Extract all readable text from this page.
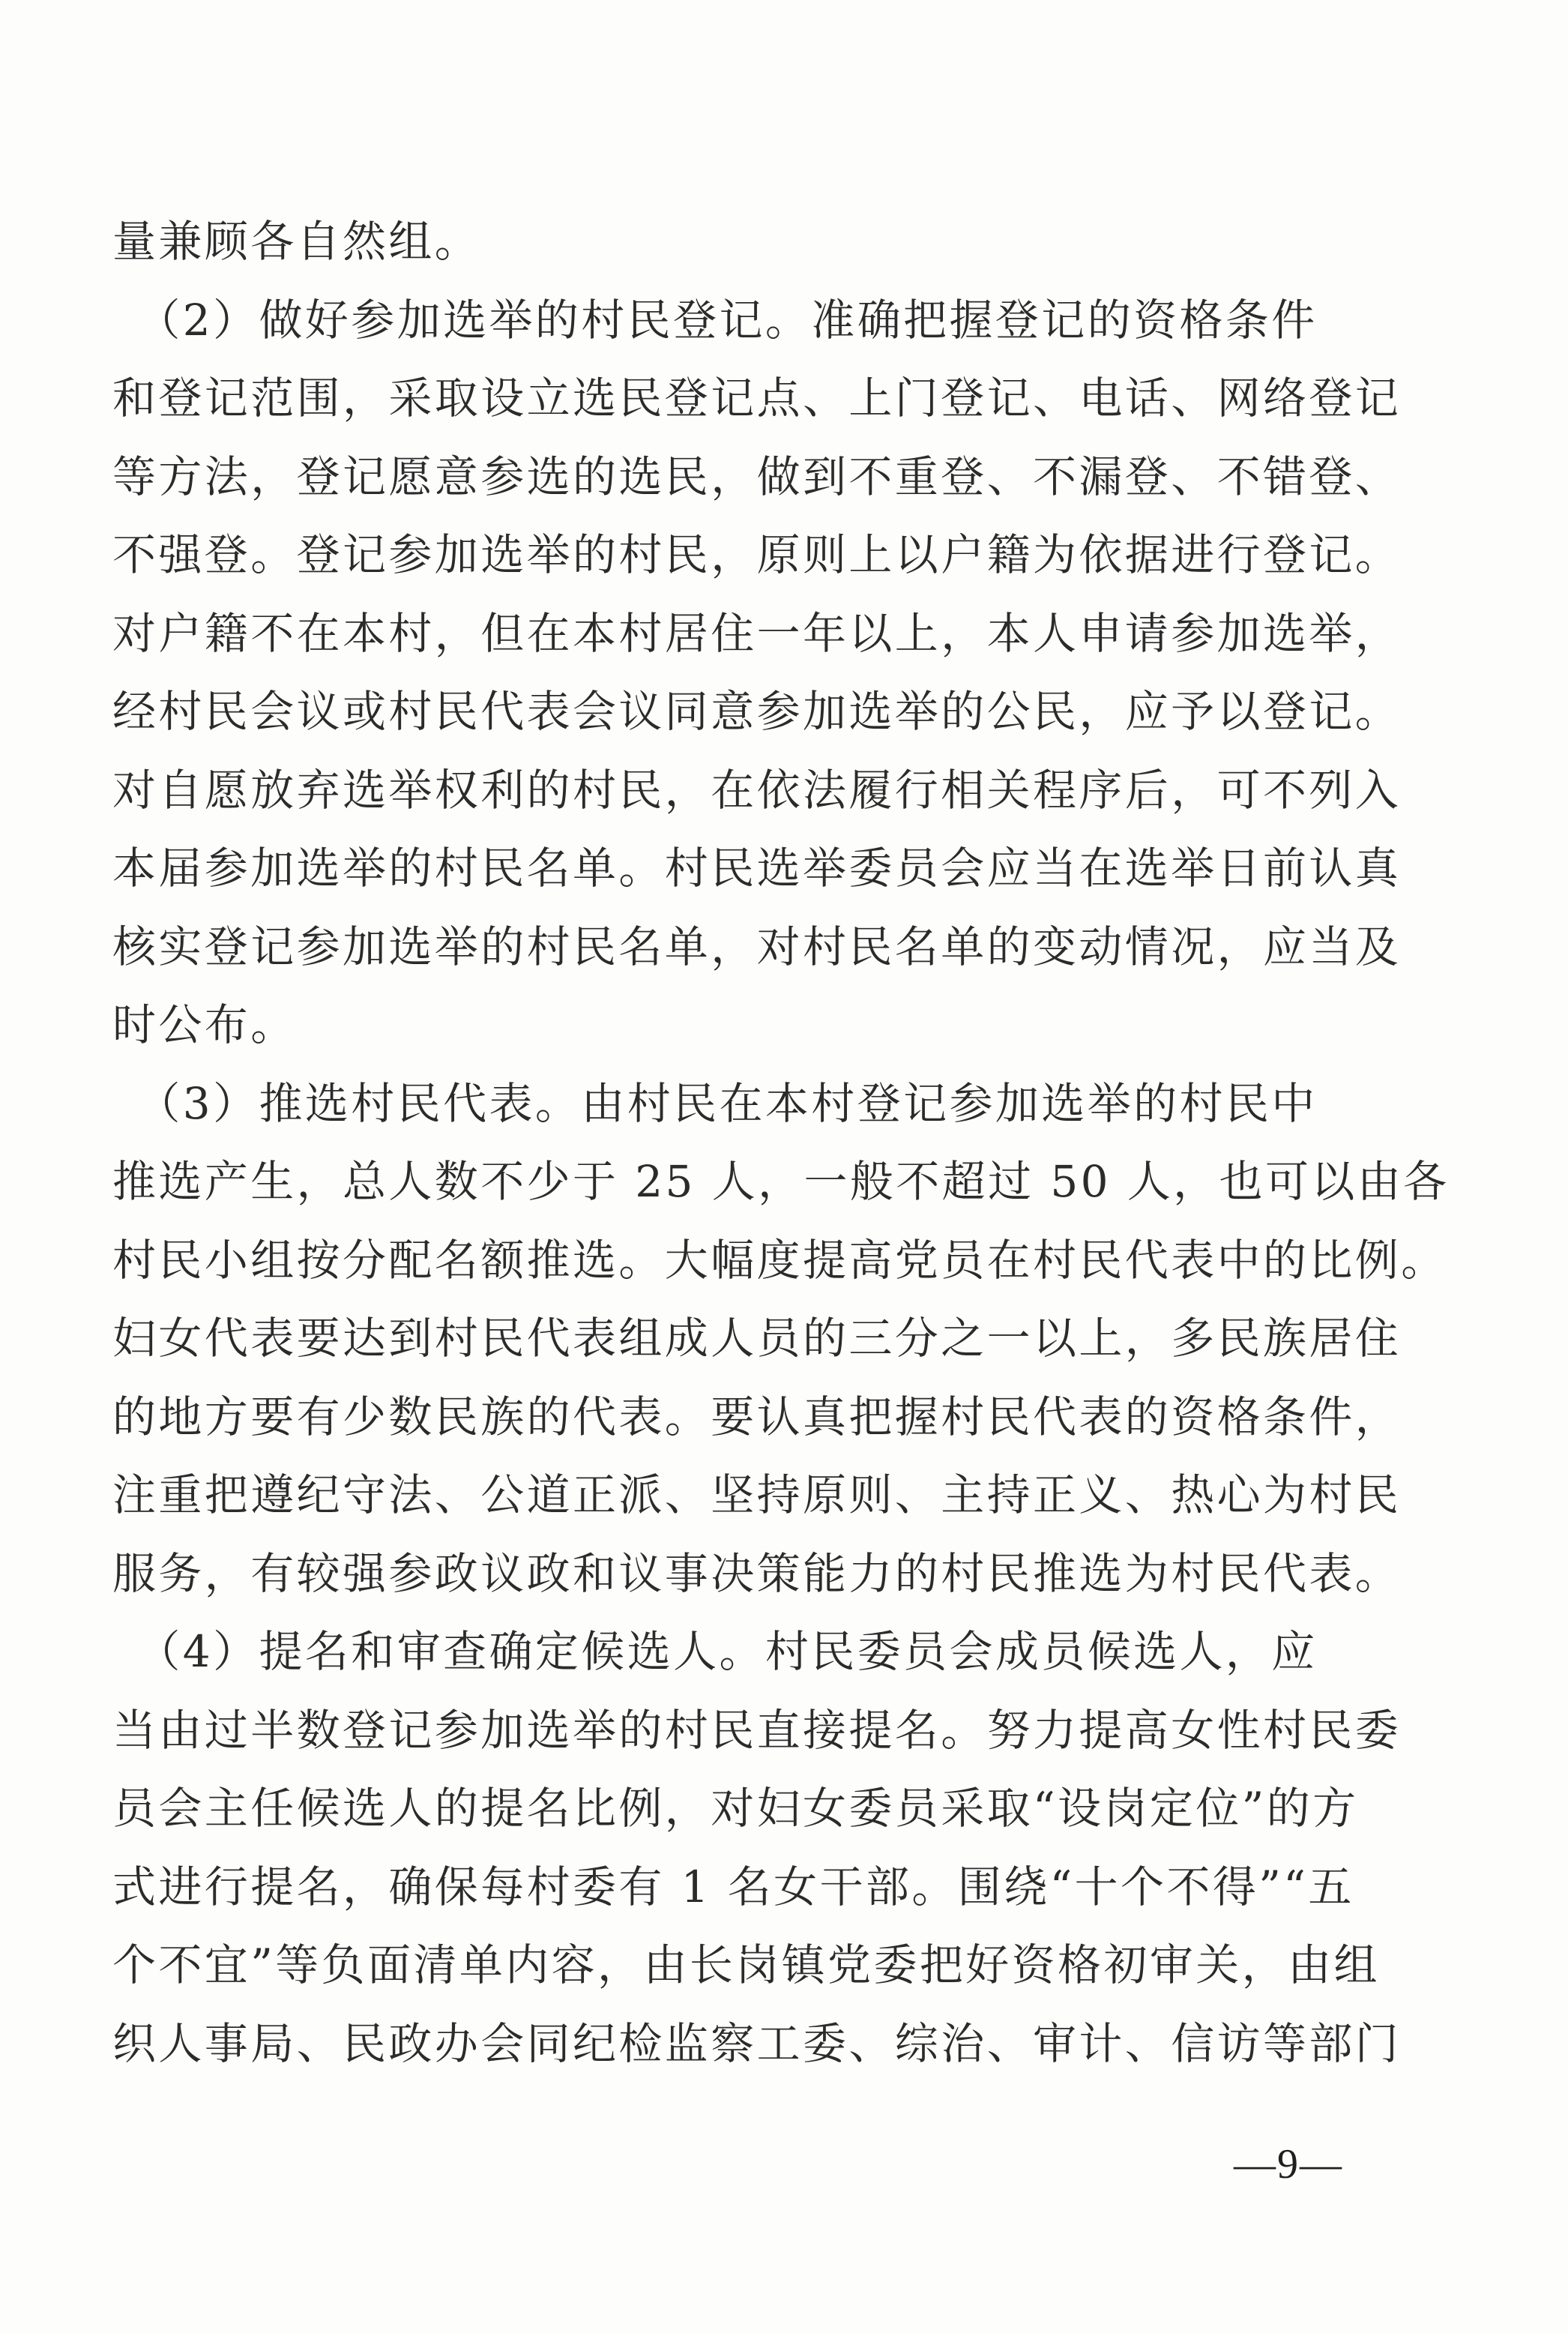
量兼顾各自然组。
　（2）做好参加选举的村民登记。准确把握登记的资格条件
和登记范围，采取设立选民登记点、上门登记、电话、网络登记
等方法，登记愿意参选的选民，做到不重登、不漏登、不错登、
不强登。登记参加选举的村民，原则上以户籍为依据进行登记。
对户籍不在本村，但在本村居住一年以上，本人申请参加选举，
经村民会议或村民代表会议同意参加选举的公民，应予以登记。
对自愿放弃选举权利的村民，在依法履行相关程序后，可不列入
本届参加选举的村民名单。村民选举委员会应当在选举日前认真
核实登记参加选举的村民名单，对村民名单的变动情况，应当及
时公布。
　（3）推选村民代表。由村民在本村登记参加选举的村民中
推选产生，总人数不少于 25 人，一般不超过 50 人，也可以由各
村民小组按分配名额推选。大幅度提高党员在村民代表中的比例。
妇女代表要达到村民代表组成人员的三分之一以上，多民族居住
的地方要有少数民族的代表。要认真把握村民代表的资格条件，
注重把遵纪守法、公道正派、坚持原则、主持正义、热心为村民
服务，有较强参政议政和议事决策能力的村民推选为村民代表。
　（4）提名和审查确定候选人。村民委员会成员候选人，应
当由过半数登记参加选举的村民直接提名。努力提高女性村民委
员会主任候选人的提名比例，对妇女委员采取“设岗定位”的方
式进行提名，确保每村委有 1 名女干部。围绕“十个不得”“五
个不宜”等负面清单内容，由长岗镇党委把好资格初审关，由组
织人事局、民政办会同纪检监察工委、综治、审计、信访等部门
—9—
